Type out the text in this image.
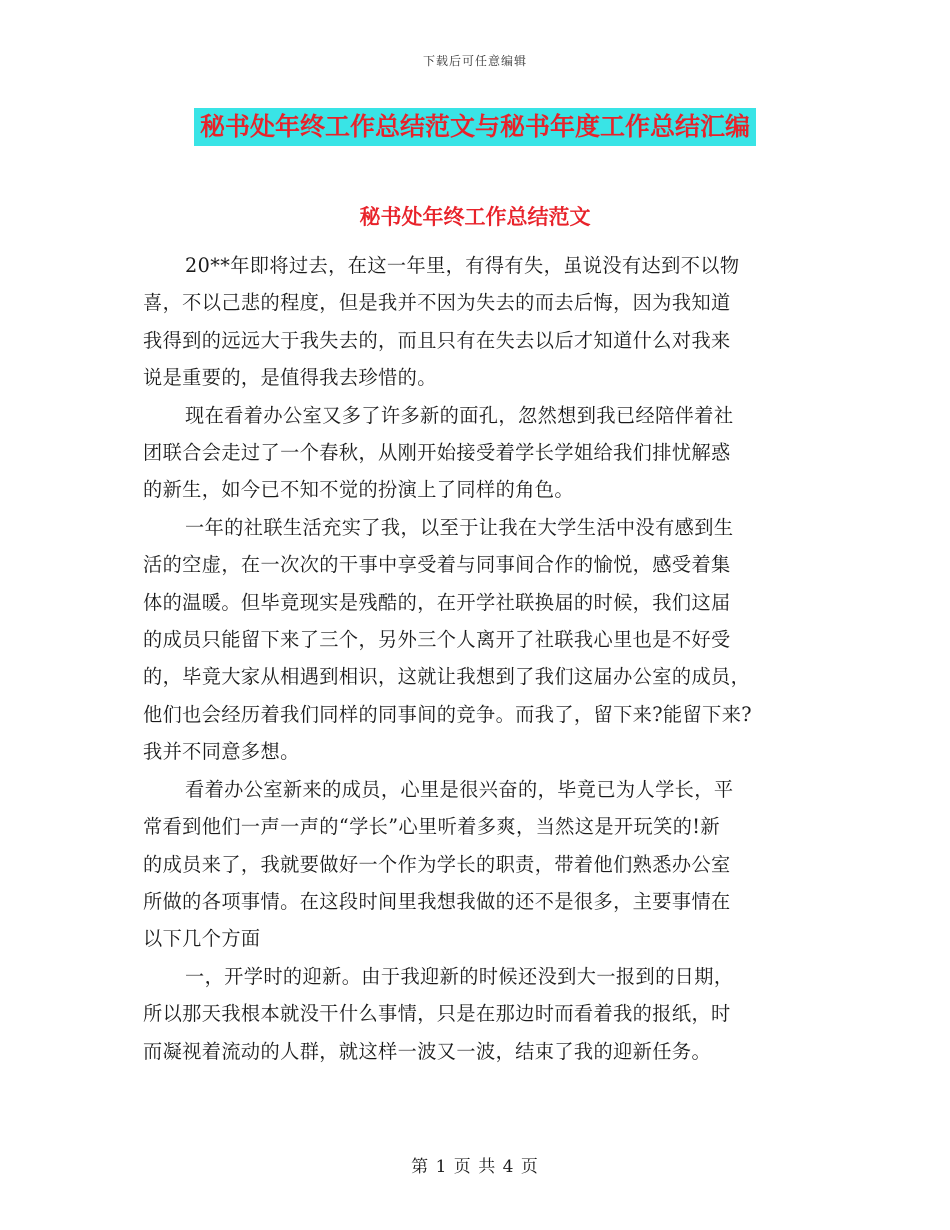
下载后可任意编辑
秘书处年终工作总结范文与秘书年度工作总结汇编
秘书处年终工作总结范文

20**年即将过去，在这一年里，有得有失，虽说没有达到不以物
喜，不以己悲的程度，但是我并不因为失去的而去后悔，因为我知道
我得到的远远大于我失去的，而且只有在失去以后才知道什么对我来
说是重要的，是值得我去珍惜的。

现在看着办公室又多了许多新的面孔，忽然想到我已经陪伴着社
团联合会走过了一个春秋，从刚开始接受着学长学姐给我们排忧解惑
的新生，如今已不知不觉的扮演上了同样的角色。

一年的社联生活充实了我，以至于让我在大学生活中没有感到生
活的空虚，在一次次的干事中享受着与同事间合作的愉悦，感受着集
体的温暖。但毕竟现实是残酷的，在开学社联换届的时候，我们这届
的成员只能留下来了三个，另外三个人离开了社联我心里也是不好受
的，毕竟大家从相遇到相识，这就让我想到了我们这届办公室的成员，
他们也会经历着我们同样的同事间的竞争。而我了，留下来?能留下来?
我并不同意多想。

看着办公室新来的成员，心里是很兴奋的，毕竟已为人学长，平
常看到他们一声一声的“学长”心里听着多爽，当然这是开玩笑的!新
的成员来了，我就要做好一个作为学长的职责，带着他们熟悉办公室
所做的各项事情。在这段时间里我想我做的还不是很多，主要事情在
以下几个方面

一，开学时的迎新。由于我迎新的时候还没到大一报到的日期，
所以那天我根本就没干什么事情，只是在那边时而看着我的报纸，时
而凝视着流动的人群，就这样一波又一波，结束了我的迎新任务。

第 1 页 共 4 页
